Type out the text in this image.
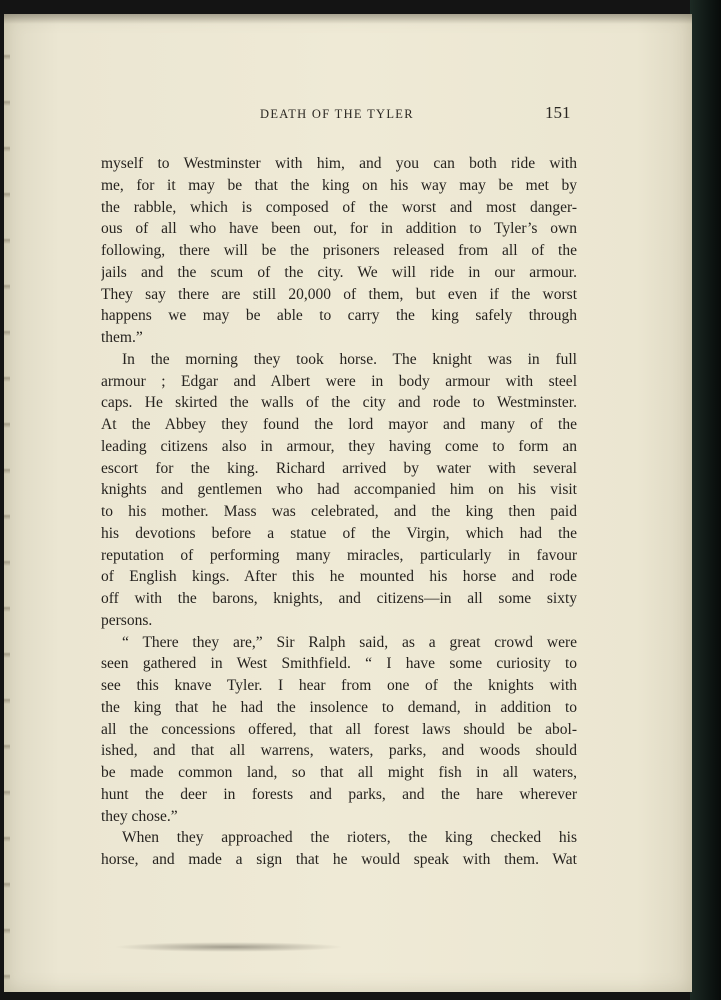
DEATH OF THE TYLER	151
myself to Westminster with him, and you can both ride with
me, for it may be that the king on his way may be met by
the rabble, which is composed of the worst and most danger-
ous of all who have been out, for in addition to Tyler’s own
following, there will be the prisoners released from all of the
jails and the scum of the city. We will ride in our armour.
They say there are still 20,000 of them, but even if the worst
happens we may be able to carry the king safely through
them.”
In the morning they took horse. The knight was in full
armour ; Edgar and Albert were in body armour with steel
caps. He skirted the walls of the city and rode to Westminster.
At the Abbey they found the lord mayor and many of the
leading citizens also in armour, they having come to form an
escort for the king. Richard arrived by water with several
knights and gentlemen who had accompanied him on his visit
to his mother. Mass was celebrated, and the king then paid
his devotions before a statue of the Virgin, which had the
reputation of performing many miracles, particularly in favour
of English kings. After this he mounted his horse and rode
off with the barons, knights, and citizens—in all some sixty
persons.
“ There they are,” Sir Ralph said, as a great crowd were
seen gathered in West Smithfield. “ I have some curiosity to
see this knave Tyler. I hear from one of the knights with
the king that he had the insolence to demand, in addition to
all the concessions offered, that all forest laws should be abol-
ished, and that all warrens, waters, parks, and woods should
be made common land, so that all might fish in all waters,
hunt the deer in forests and parks, and the hare wherever
they chose.”
When they approached the rioters, the king checked his
horse, and made a sign that he would speak with them. Wat
